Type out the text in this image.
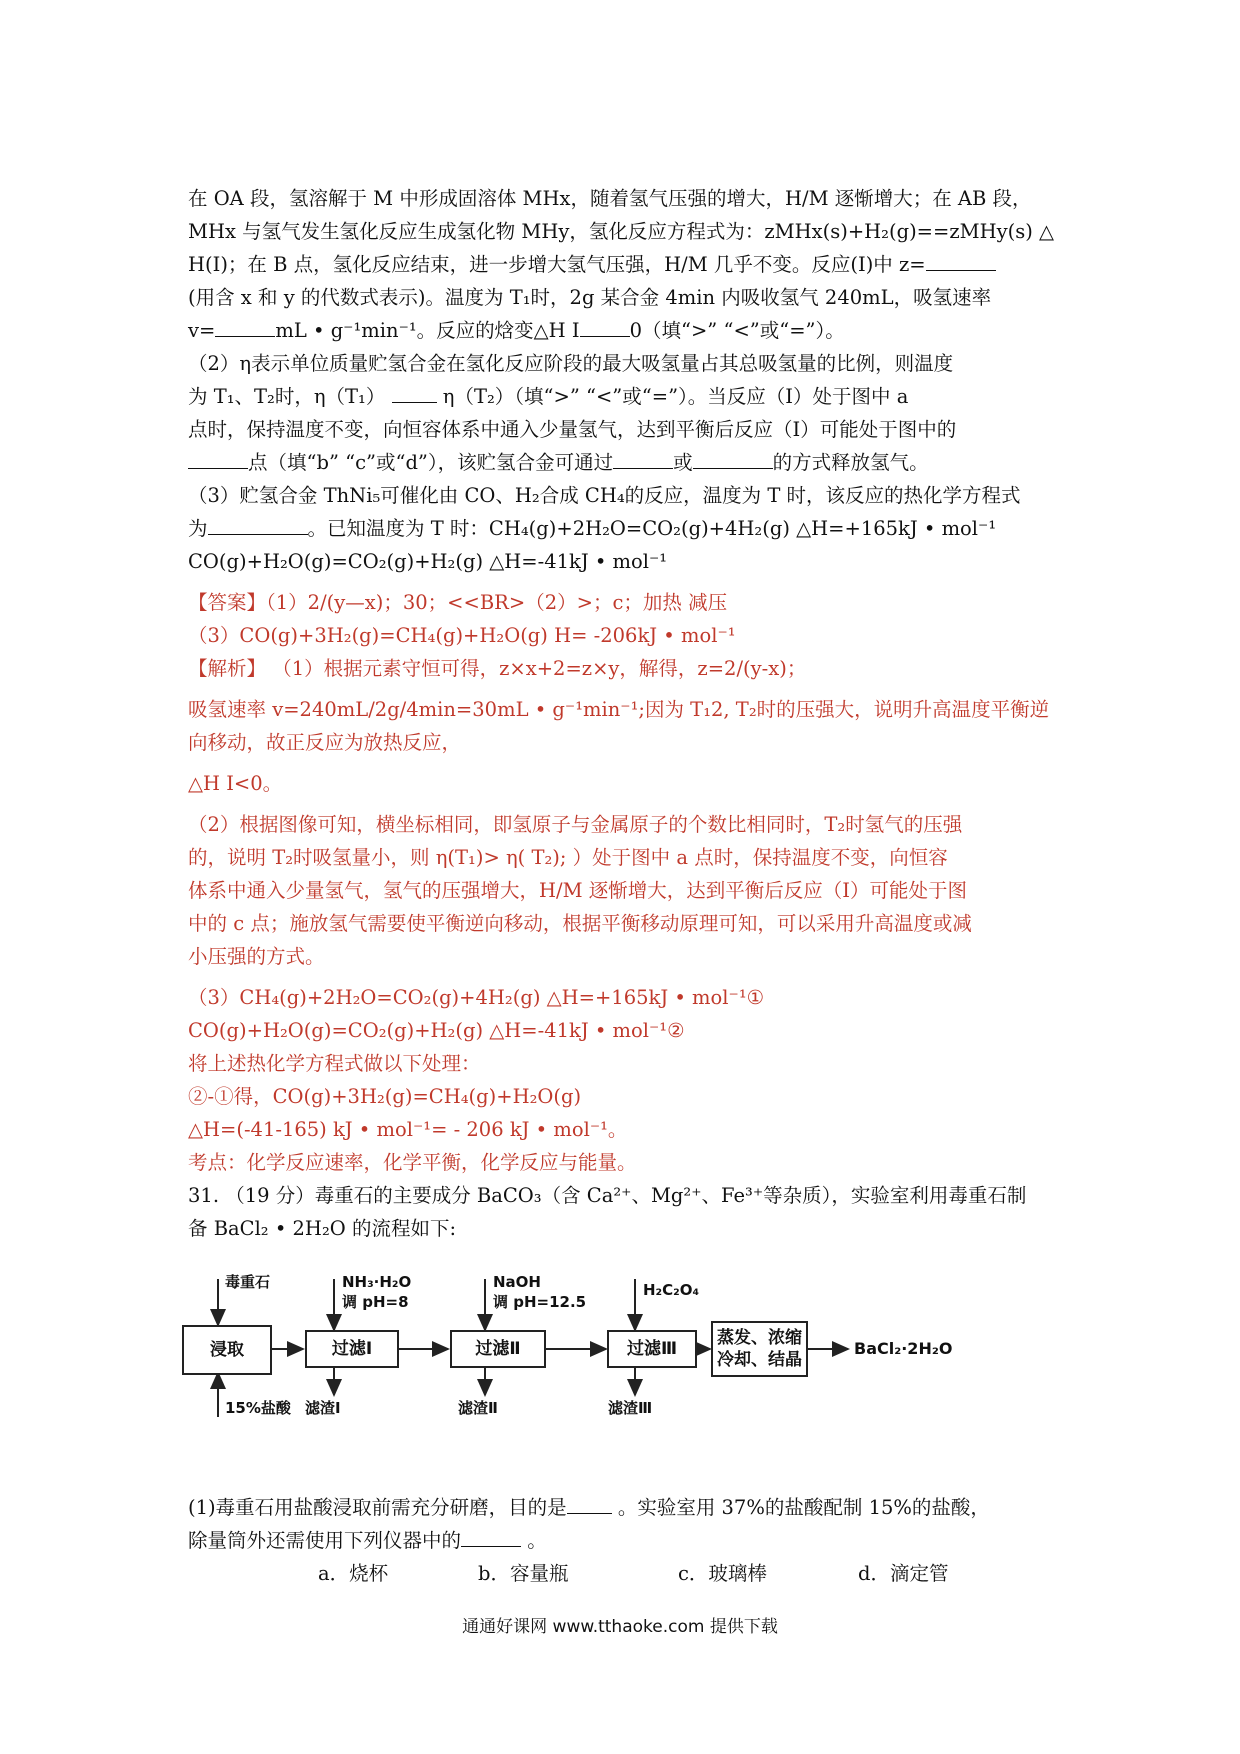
在 OA 段，氢溶解于 M 中形成固溶体 MHx，随着氢气压强的增大，H/M 逐惭增大；在 AB 段，
MHx 与氢气发生氢化反应生成氢化物 MHy，氢化反应方程式为：zMHx(s)+H₂(g)==zMHy(s) △
H(Ⅰ)；在 B 点，氢化反应结束，进一步增大氢气压强，H/M 几乎不变。反应(Ⅰ)中 z=
(用含 x 和 y 的代数式表示)。温度为 T₁时，2g 某合金 4min 内吸收氢气 240mL，吸氢速率
v=	mL • g⁻¹min⁻¹。反应的焓变△H Ⅰ	0（填“>” “<”或“=”）。
（2）η表示单位质量贮氢合金在氢化反应阶段的最大吸氢量占其总吸氢量的比例，则温度
为 T₁、T₂时，η（T₁）	η（T₂）（填“>” “<”或“=”）。当反应（Ⅰ）处于图中 a
点时，保持温度不变，向恒容体系中通入少量氢气，达到平衡后反应（Ⅰ）可能处于图中的
点（填“b” “c”或“d”），该贮氢合金可通过	或	的方式释放氢气。
（3）贮氢合金 ThNi₅可催化由 CO、H₂合成 CH₄的反应，温度为 T 时，该反应的热化学方程式
为	。已知温度为 T 时：CH₄(g)+2H₂O=CO₂(g)+4H₂(g) △H=+165kJ • mol⁻¹
CO(g)+H₂O(g)=CO₂(g)+H₂(g) △H=-41kJ • mol⁻¹
【答案】（1）2/(y—x)；30；<<BR>（2）>；c；加热 减压
（3）CO(g)+3H₂(g)=CH₄(g)+H₂O(g) H= -206kJ • mol⁻¹
【解析】 （1）根据元素守恒可得，z×x+2=z×y，解得，z=2/(y-x)；
吸氢速率 v=240mL/2g/4min=30mL • g⁻¹min⁻¹;因为 T₁2, T₂时的压强大，说明升高温度平衡逆
向移动，故正反应为放热反应，
△H Ⅰ<0。
（2）根据图像可知，横坐标相同，即氢原子与金属原子的个数比相同时，T₂时氢气的压强
的，说明 T₂时吸氢量小，则 η(T₁)> η( T₂); ）处于图中 a 点时，保持温度不变，向恒容
体系中通入少量氢气，氢气的压强增大，H/M 逐惭增大，达到平衡后反应（Ⅰ）可能处于图
中的 c 点；施放氢气需要使平衡逆向移动，根据平衡移动原理可知，可以采用升高温度或减
小压强的方式。
（3）CH₄(g)+2H₂O=CO₂(g)+4H₂(g) △H=+165kJ • mol⁻¹①
CO(g)+H₂O(g)=CO₂(g)+H₂(g) △H=-41kJ • mol⁻¹②
将上述热化学方程式做以下处理：
②-①得，CO(g)+3H₂(g)=CH₄(g)+H₂O(g)
△H=(-41-165) kJ • mol⁻¹= - 206 kJ • mol⁻¹。
考点：化学反应速率，化学平衡，化学反应与能量。
31. （19 分）毒重石的主要成分 BaCO₃（含 Ca²⁺、Mg²⁺、Fe³⁺等杂质），实验室利用毒重石制
备 BaCl₂ • 2H₂O 的流程如下:
毒重石
15%盐酸
浸取
NH₃·H₂O
调 pH=8
过滤Ⅰ
滤渣Ⅰ
NaOH
调 pH=12.5
过滤Ⅱ
滤渣Ⅱ
H₂C₂O₄
过滤Ⅲ
滤渣Ⅲ
蒸发、浓缩
冷却、结晶
BaCl₂·2H₂O
(1)毒重石用盐酸浸取前需充分研磨，目的是	。实验室用 37%的盐酸配制 15%的盐酸，
除量筒外还需使用下列仪器中的	。
a．烧杯	b．容量瓶	c．玻璃棒	d．滴定管
通通好课网 www.tthaoke.com 提供下载
